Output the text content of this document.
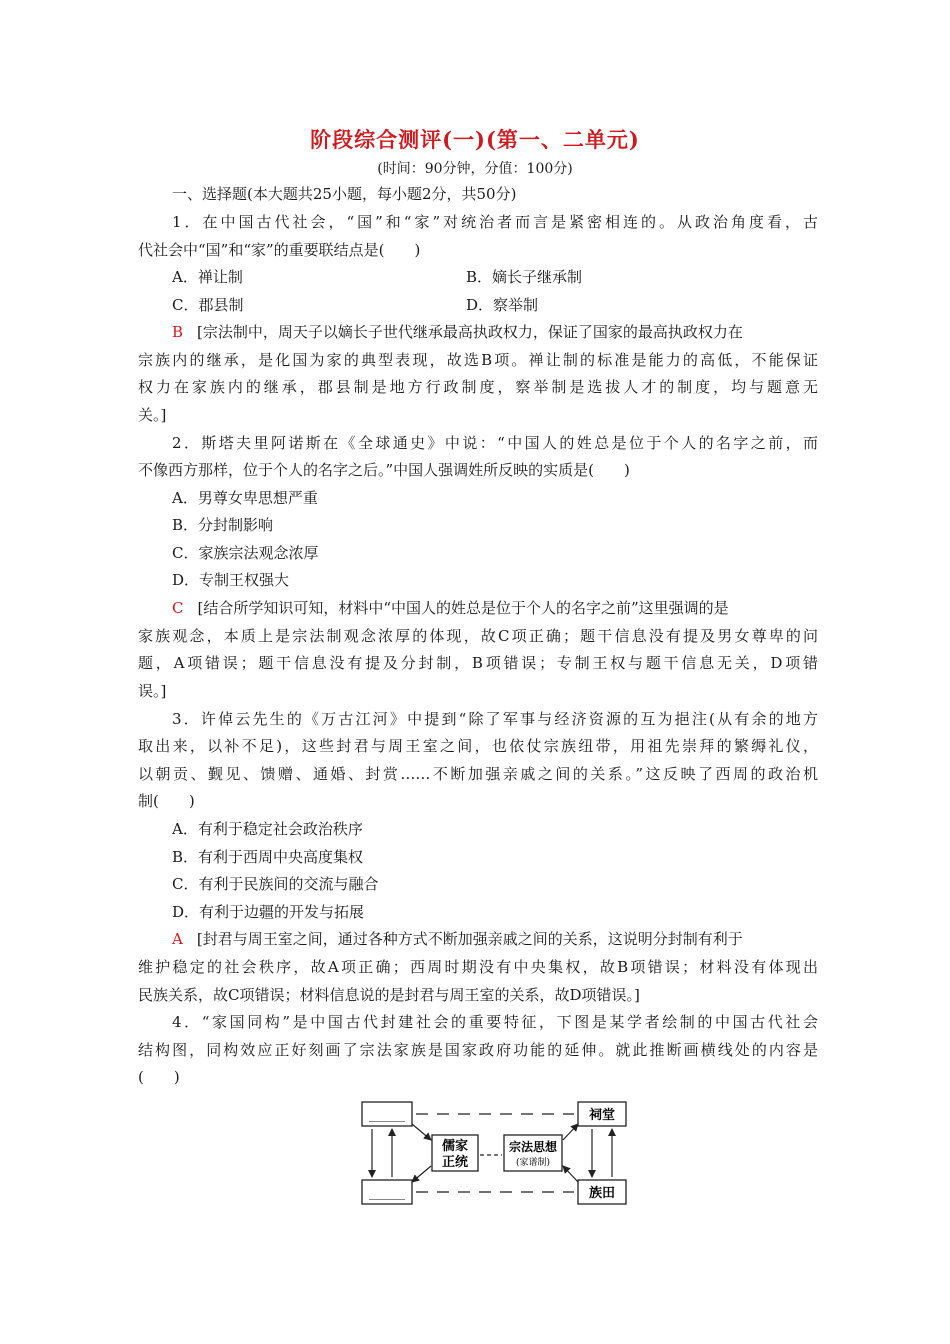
阶段综合测评(一)(第一、二单元)
(时间：90分钟，分值：100分)
一、选择题(本大题共25小题，每小题2分，共50分)
1．在中国古代社会，“国”和“家”对统治者而言是紧密相连的。从政治角度看，古
代社会中“国”和“家”的重要联结点是(　　)
A．禅让制	B．嫡长子继承制
C．郡县制	D．察举制
B [宗法制中，周天子以嫡长子世代继承最高执政权力，保证了国家的最高执政权力在
宗族内的继承，是化国为家的典型表现，故选B项。禅让制的标准是能力的高低，不能保证
权力在家族内的继承，郡县制是地方行政制度，察举制是选拔人才的制度，均与题意无
关。]
2．斯塔夫里阿诺斯在《全球通史》中说：“中国人的姓总是位于个人的名字之前，而
不像西方那样，位于个人的名字之后。”中国人强调姓所反映的实质是(　　)
A．男尊女卑思想严重
B．分封制影响
C．家族宗法观念浓厚
D．专制王权强大
C [结合所学知识可知，材料中“中国人的姓总是位于个人的名字之前”这里强调的是
家族观念，本质上是宗法制观念浓厚的体现，故C项正确；题干信息没有提及男女尊卑的问
题，A项错误；题干信息没有提及分封制，B项错误；专制王权与题干信息无关，D项错
误。]
3．许倬云先生的《万古江河》中提到“除了军事与经济资源的互为挹注(从有余的地方
取出来，以补不足)，这些封君与周王室之间，也依仗宗族纽带，用祖先崇拜的繁缛礼仪，
以朝贡、觐见、馈赠、通婚、封赏……不断加强亲戚之间的关系。”这反映了西周的政治机
制(　　)
A．有利于稳定社会政治秩序
B．有利于西周中央高度集权
C．有利于民族间的交流与融合
D．有利于边疆的开发与拓展
A [封君与周王室之间，通过各种方式不断加强亲戚之间的关系，这说明分封制有利于
维护稳定的社会秩序，故A项正确；西周时期没有中央集权，故B项错误；材料没有体现出
民族关系，故C项错误；材料信息说的是封君与周王室的关系，故D项错误。]
4．“家国同构”是中国古代封建社会的重要特征，下图是某学者绘制的中国古代社会
结构图，同构效应正好刻画了宗法家族是国家政府功能的延伸。就此推断画横线处的内容是
(　　)
______
______
祠堂
族田
儒家
正统
宗法思想
(家谱制)
